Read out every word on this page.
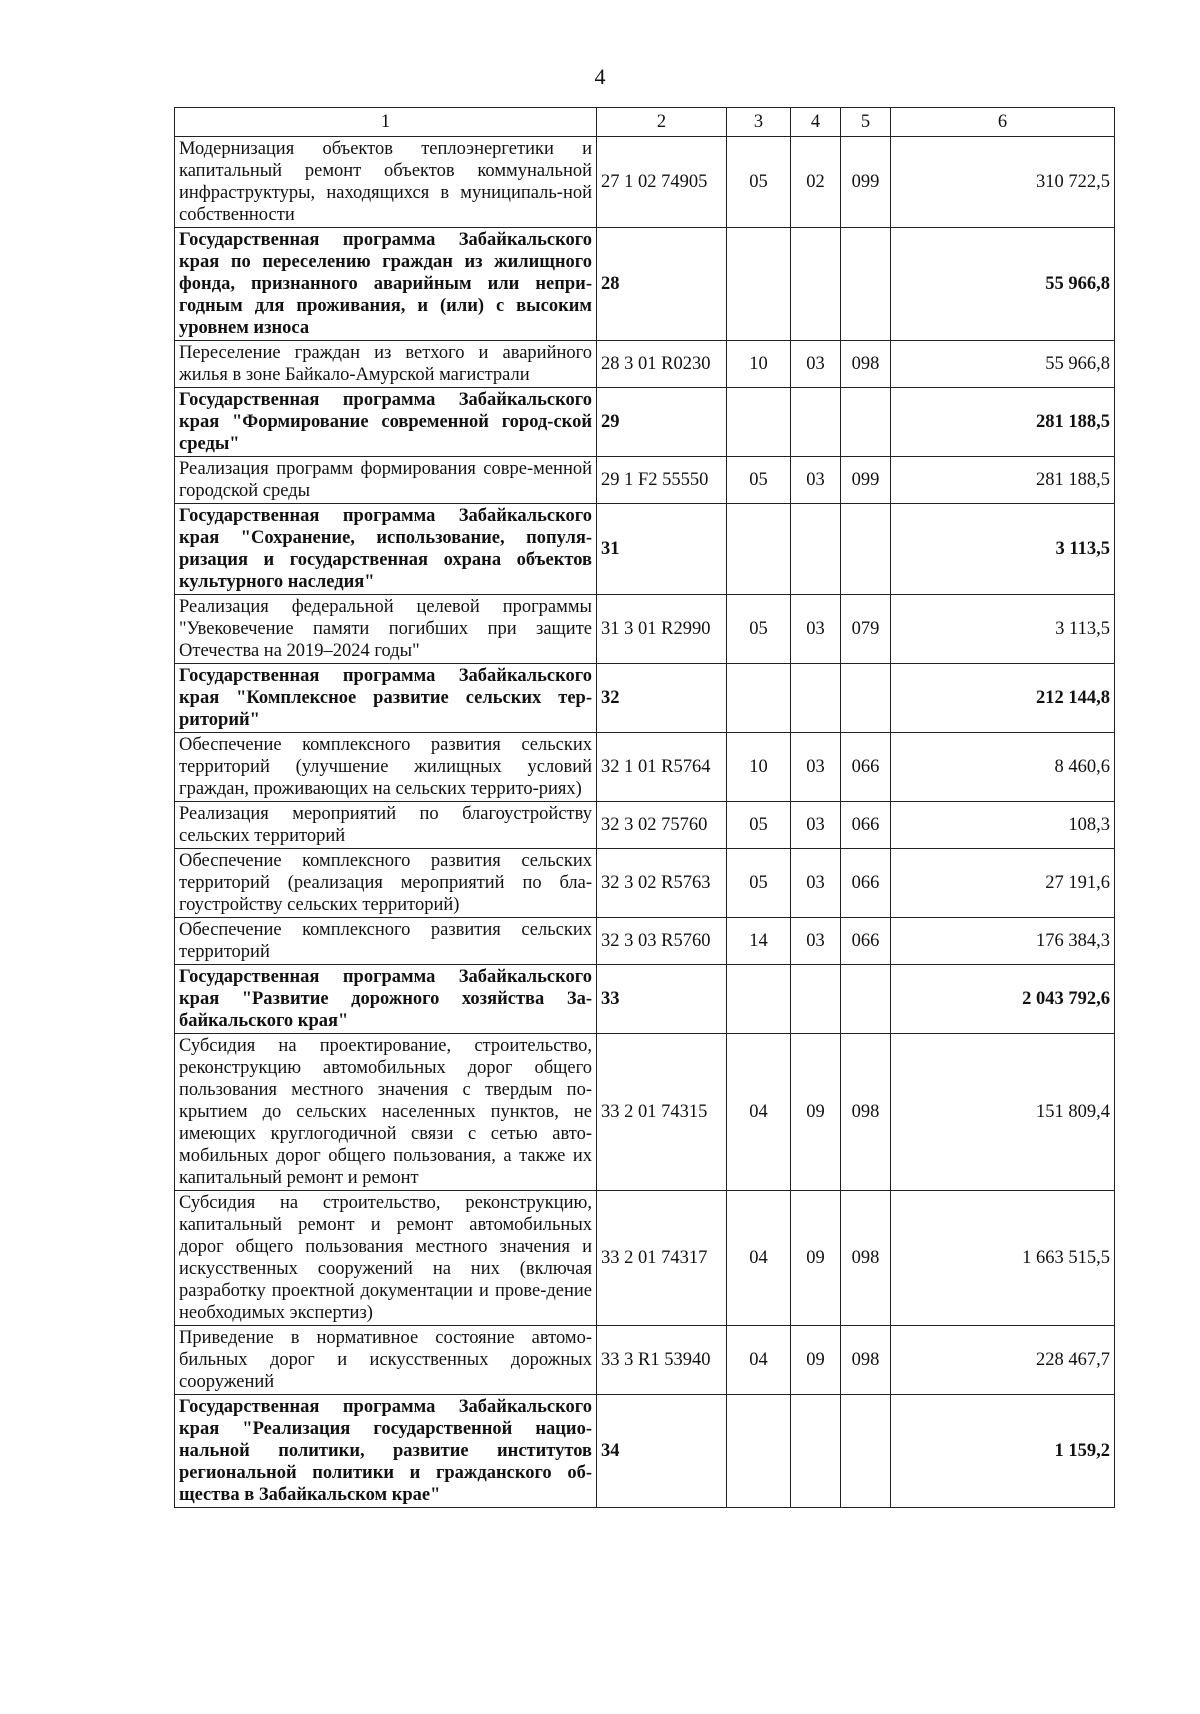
4
1	2	3	4	5	6
Модернизация объектов теплоэнергетики и капитальный ремонт объектов коммунальной инфраструктуры, находящихся в муниципаль-ной собственности	27 1 02 74905	05	02	099	310 722,5
Государственная программа Забайкальского края по переселению граждан из жилищного фонда, признанного аварийным или непри-годным для проживания, и (или) с высоким уровнем износа	28				55 966,8
Переселение граждан из ветхого и аварийного жилья в зоне Байкало-Амурской магистрали	28 3 01 R0230	10	03	098	55 966,8
Государственная программа Забайкальского края "Формирование современной город-ской среды"	29				281 188,5
Реализация программ формирования совре-менной городской среды	29 1 F2 55550	05	03	099	281 188,5
Государственная программа Забайкальского края "Сохранение, использование, популя-ризация и государственная охрана объектов культурного наследия"	31				3 113,5
Реализация федеральной целевой программы "Увековечение памяти погибших при защите Отечества на 2019–2024 годы"	31 3 01 R2990	05	03	079	3 113,5
Государственная программа Забайкальского края "Комплексное развитие сельских тер-риторий"	32				212 144,8
Обеспечение комплексного развития сельских территорий (улучшение жилищных условий граждан, проживающих на сельских террито-риях)	32 1 01 R5764	10	03	066	8 460,6
Реализация мероприятий по благоустройству сельских территорий	32 3 02 75760	05	03	066	108,3
Обеспечение комплексного развития сельских территорий (реализация мероприятий по бла-гоустройству сельских территорий)	32 3 02 R5763	05	03	066	27 191,6
Обеспечение комплексного развития сельских территорий	32 3 03 R5760	14	03	066	176 384,3
Государственная программа Забайкальского края "Развитие дорожного хозяйства За-байкальского края"	33				2 043 792,6
Субсидия на проектирование, строительство, реконструкцию автомобильных дорог общего пользования местного значения с твердым по-крытием до сельских населенных пунктов, не имеющих круглогодичной связи с сетью авто-мобильных дорог общего пользования, а также их капитальный ремонт и ремонт	33 2 01 74315	04	09	098	151 809,4
Субсидия на строительство, реконструкцию, капитальный ремонт и ремонт автомобильных дорог общего пользования местного значения и искусственных сооружений на них (включая разработку проектной документации и прове-дение необходимых экспертиз)	33 2 01 74317	04	09	098	1 663 515,5
Приведение в нормативное состояние автомо-бильных дорог и искусственных дорожных сооружений	33 3 R1 53940	04	09	098	228 467,7
Государственная программа Забайкальского края "Реализация государственной нацио-нальной политики, развитие институтов региональной политики и гражданского об-щества в Забайкальском крае"	34				1 159,2
